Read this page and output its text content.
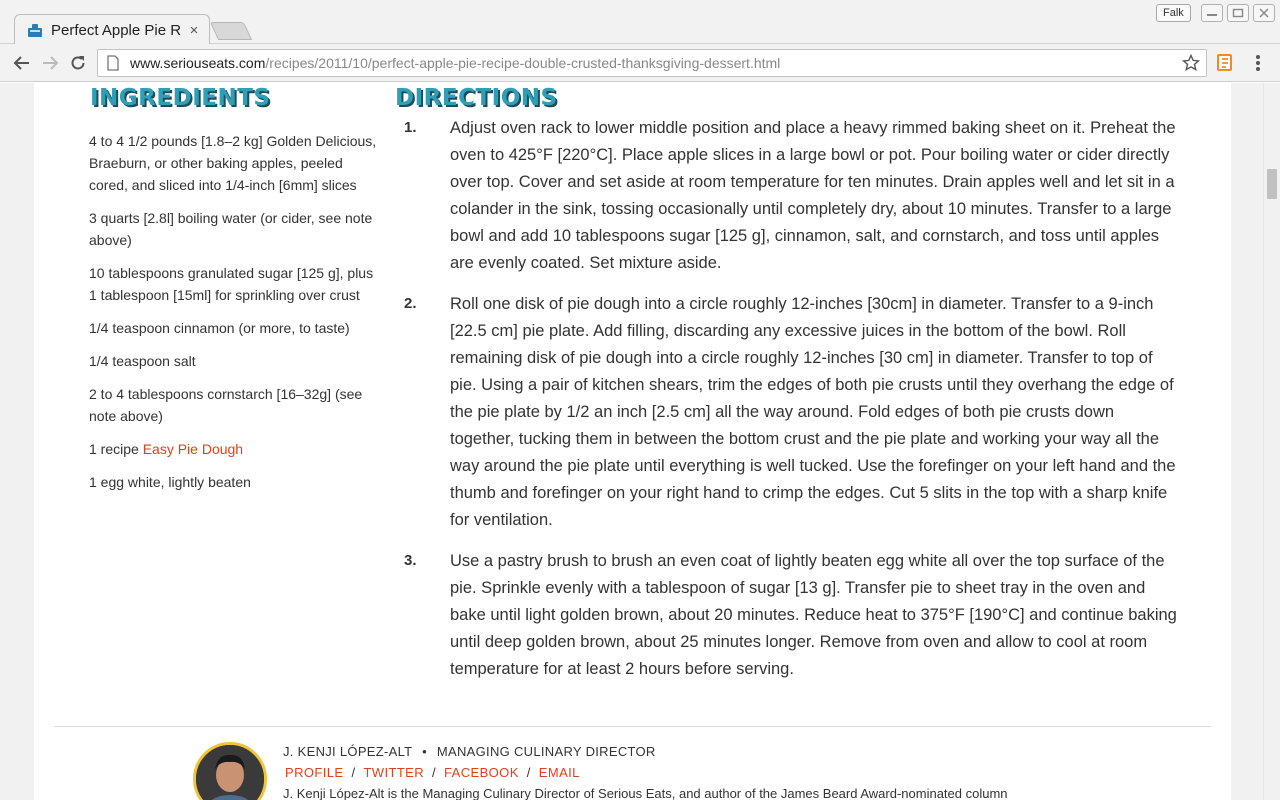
Perfect Apple Pie R ×
Falk
www.seriouseats.com/recipes/2011/10/perfect-apple-pie-recipe-double-crusted-thanksgiving-dessert.html
INGREDIENTS	DIRECTIONS
4 to 4 1/2 pounds [1.8–2 kg] Golden Delicious, Braeburn, or other baking apples, peeled cored, and sliced into 1/4-inch [6mm] slices
3 quarts [2.8l] boiling water (or cider, see note above)
10 tablespoons granulated sugar [125 g], plus 1 tablespoon [15ml] for sprinkling over crust
1/4 teaspoon cinnamon (or more, to taste)
1/4 teaspoon salt
2 to 4 tablespoons cornstarch [16–32g] (see note above)
1 recipe Easy Pie Dough
1 egg white, lightly beaten
1.	Adjust oven rack to lower middle position and place a heavy rimmed baking sheet on it. Preheat the oven to 425°F [220°C]. Place apple slices in a large bowl or pot. Pour boiling water or cider directly over top. Cover and set aside at room temperature for ten minutes. Drain apples well and let sit in a colander in the sink, tossing occasionally until completely dry, about 10 minutes. Transfer to a large bowl and add 10 tablespoons sugar [125 g], cinnamon, salt, and cornstarch, and toss until apples are evenly coated. Set mixture aside.
2.	Roll one disk of pie dough into a circle roughly 12-inches [30cm] in diameter. Transfer to a 9-inch [22.5 cm] pie plate. Add filling, discarding any excessive juices in the bottom of the bowl. Roll remaining disk of pie dough into a circle roughly 12-inches [30 cm] in diameter. Transfer to top of pie. Using a pair of kitchen shears, trim the edges of both pie crusts until they overhang the edge of the pie plate by 1/2 an inch [2.5 cm] all the way around. Fold edges of both pie crusts down together, tucking them in between the bottom crust and the pie plate and working your way all the way around the pie plate until everything is well tucked. Use the forefinger on your left hand and the thumb and forefinger on your right hand to crimp the edges. Cut 5 slits in the top with a sharp knife for ventilation.
3.	Use a pastry brush to brush an even coat of lightly beaten egg white all over the top surface of the pie. Sprinkle evenly with a tablespoon of sugar [13 g]. Transfer pie to sheet tray in the oven and bake until light golden brown, about 20 minutes. Reduce heat to 375°F [190°C] and continue baking until deep golden brown, about 25 minutes longer. Remove from oven and allow to cool at room temperature for at least 2 hours before serving.
J. KENJI LÓPEZ-ALT • MANAGING CULINARY DIRECTOR
PROFILE / TWITTER / FACEBOOK / EMAIL
J. Kenji López-Alt is the Managing Culinary Director of Serious Eats, and author of the James Beard Award-nominated column
